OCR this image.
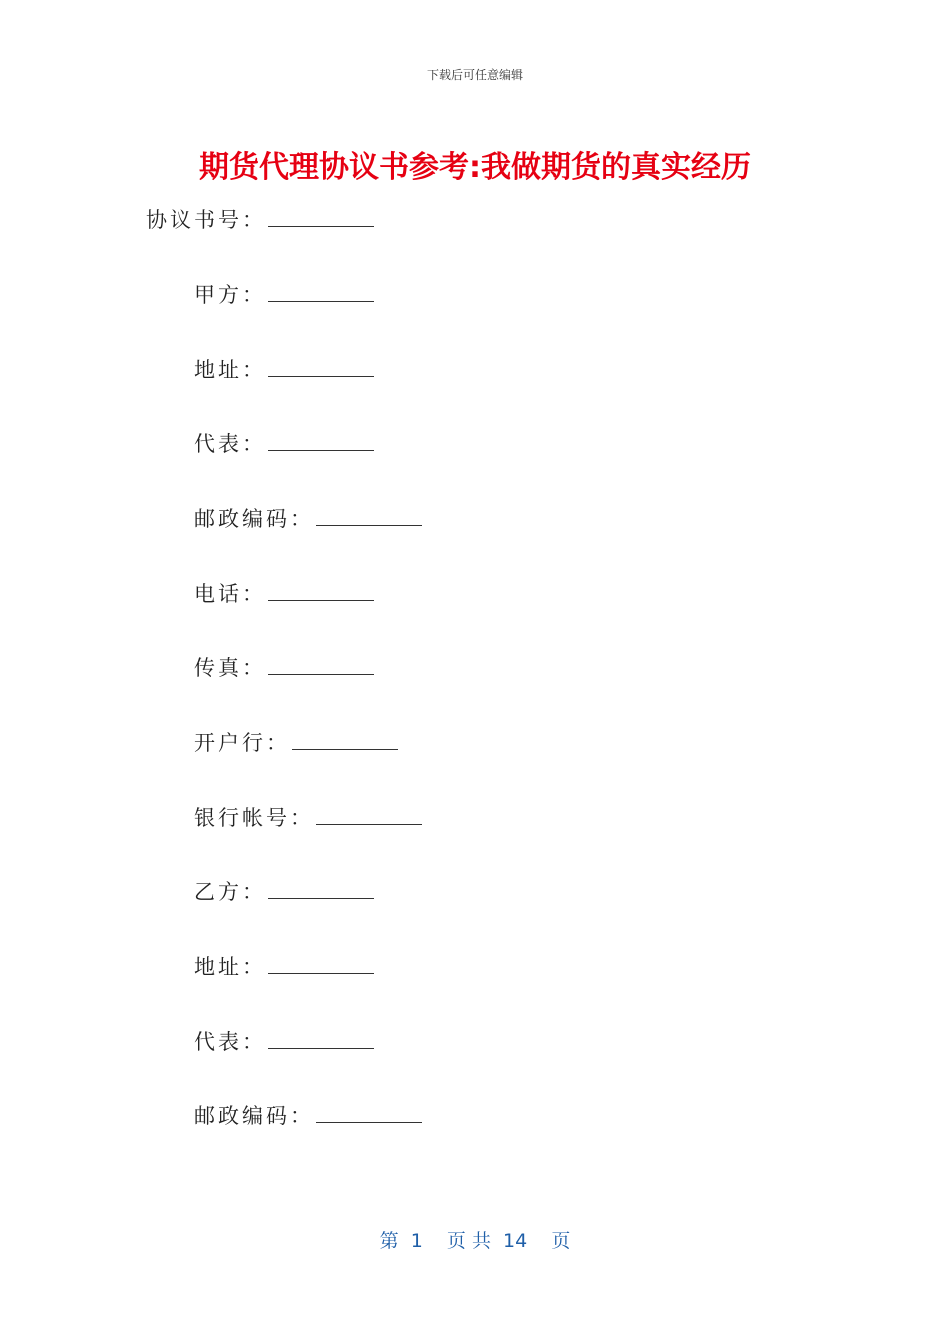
下载后可任意编辑
期货代理协议书参考:我做期货的真实经历
协议书号：
甲方：
地址：
代表：
邮政编码：
电话：
传真：
开户行：
银行帐号：
乙方：
地址：
代表：
邮政编码：
第  1    页 共  14    页
